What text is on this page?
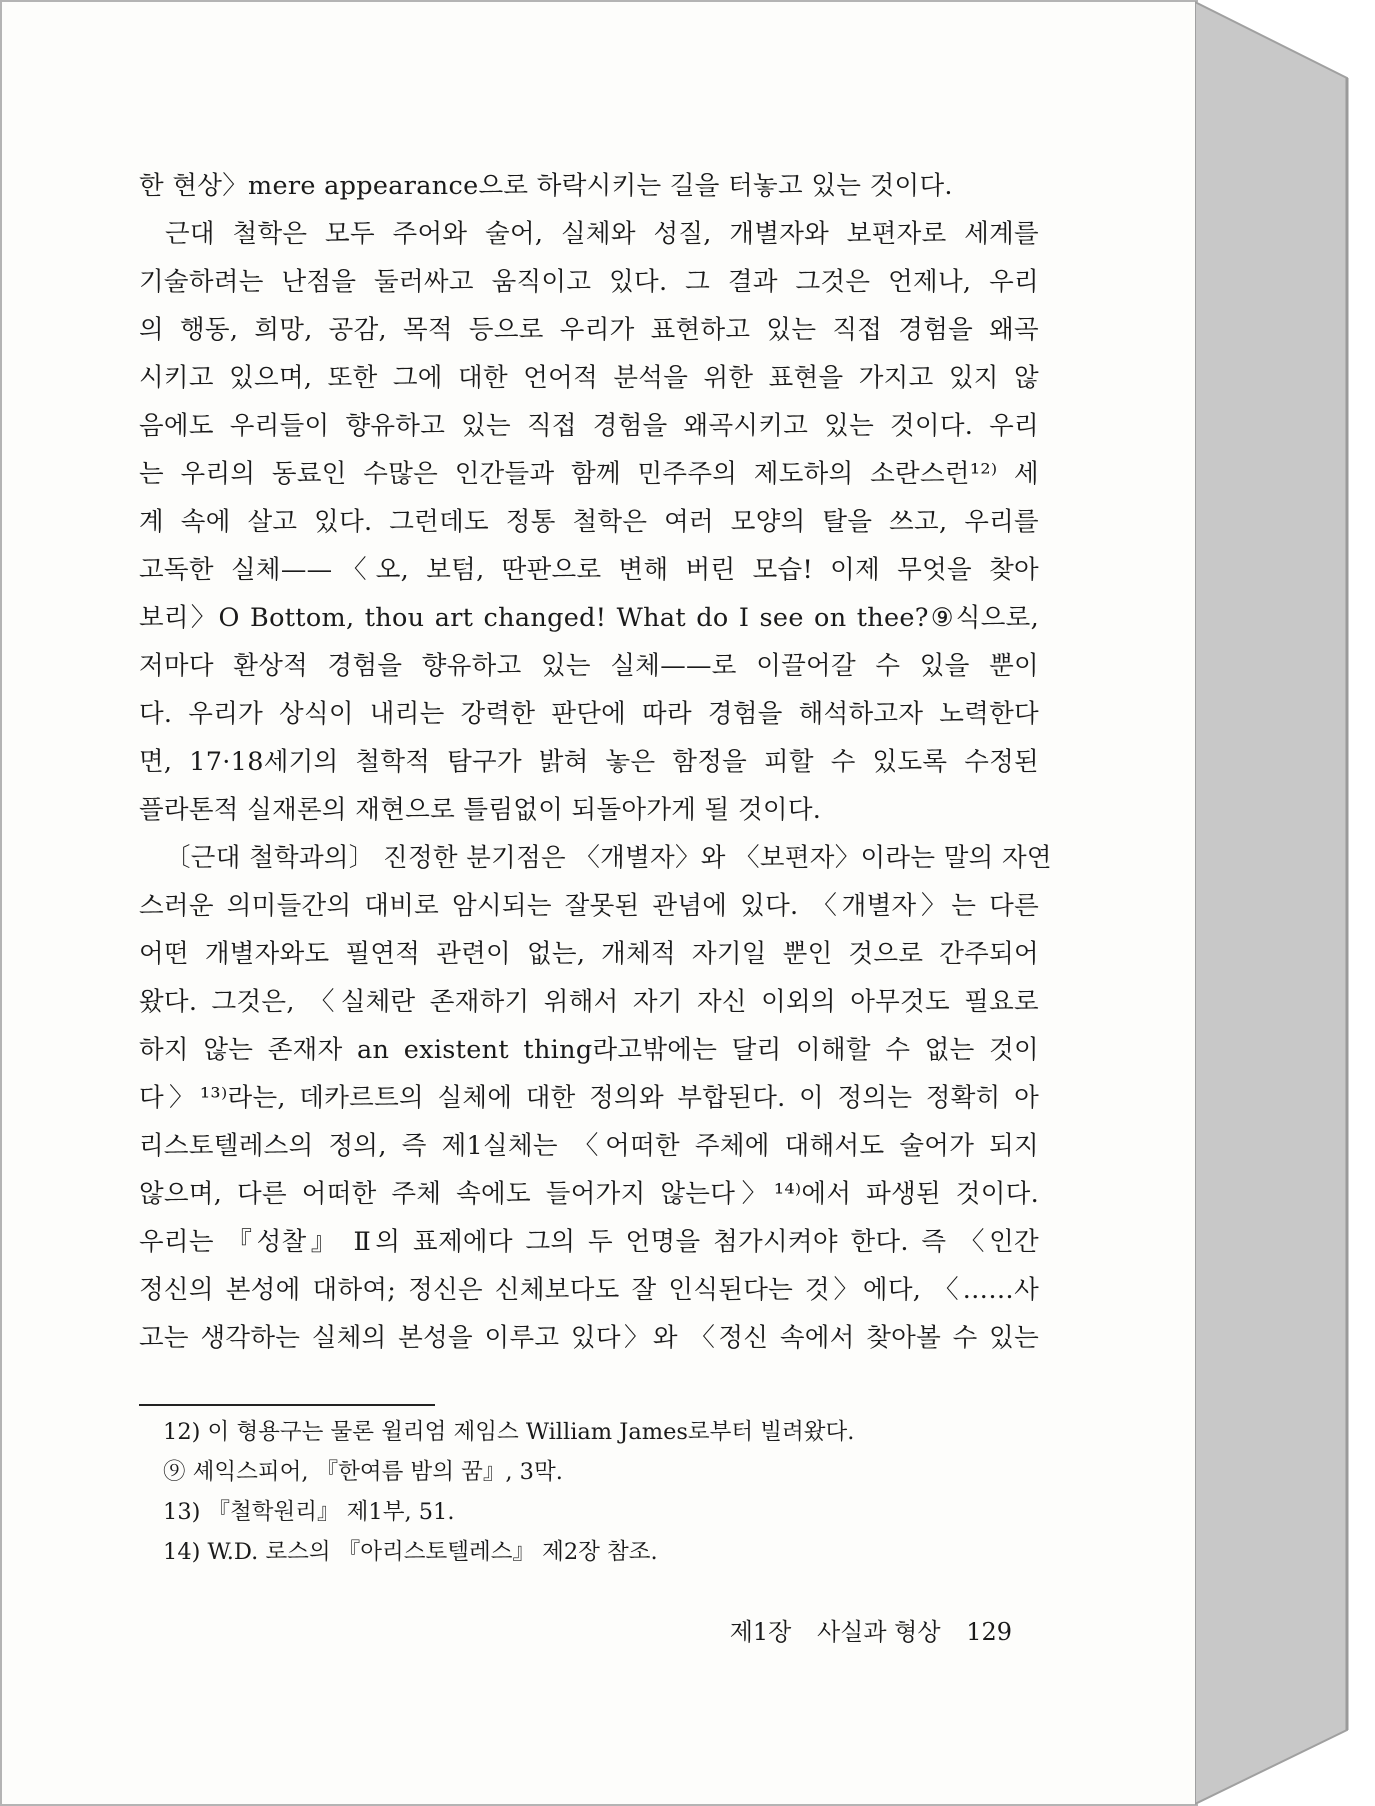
한 현상〉mere appearance으로 하락시키는 길을 터놓고 있는 것이다.
근대 철학은 모두 주어와 술어, 실체와 성질, 개별자와 보편자로 세계를
기술하려는 난점을 둘러싸고 움직이고 있다. 그 결과 그것은 언제나, 우리
의 행동, 희망, 공감, 목적 등으로 우리가 표현하고 있는 직접 경험을 왜곡
시키고 있으며, 또한 그에 대한 언어적 분석을 위한 표현을 가지고 있지 않
음에도 우리들이 향유하고 있는 직접 경험을 왜곡시키고 있는 것이다. 우리
는 우리의 동료인 수많은 인간들과 함께 민주주의 제도하의 소란스런¹²⁾ 세
계 속에 살고 있다. 그런데도 정통 철학은 여러 모양의 탈을 쓰고, 우리를
고독한 실체——〈오, 보텀, 딴판으로 변해 버린 모습! 이제 무엇을 찾아
보리〉O Bottom, thou art changed! What do I see on thee?⑨식으로,
저마다 환상적 경험을 향유하고 있는 실체——로 이끌어갈 수 있을 뿐이
다. 우리가 상식이 내리는 강력한 판단에 따라 경험을 해석하고자 노력한다
면, 17·18세기의 철학적 탐구가 밝혀 놓은 함정을 피할 수 있도록 수정된
플라톤적 실재론의 재현으로 틀림없이 되돌아가게 될 것이다.
〔근대 철학과의〕 진정한 분기점은 〈개별자〉와 〈보편자〉이라는 말의 자연
스러운 의미들간의 대비로 암시되는 잘못된 관념에 있다. 〈개별자〉는 다른
어떤 개별자와도 필연적 관련이 없는, 개체적 자기일 뿐인 것으로 간주되어
왔다. 그것은, 〈실체란 존재하기 위해서 자기 자신 이외의 아무것도 필요로
하지 않는 존재자 an existent thing라고밖에는 달리 이해할 수 없는 것이
다〉¹³⁾라는, 데카르트의 실체에 대한 정의와 부합된다. 이 정의는 정확히 아
리스토텔레스의 정의, 즉 제1실체는 〈어떠한 주체에 대해서도 술어가 되지
않으며, 다른 어떠한 주체 속에도 들어가지 않는다〉¹⁴⁾에서 파생된 것이다.
우리는 『성찰』 Ⅱ의 표제에다 그의 두 언명을 첨가시켜야 한다. 즉 〈인간
정신의 본성에 대하여; 정신은 신체보다도 잘 인식된다는 것〉에다, 〈……사
고는 생각하는 실체의 본성을 이루고 있다〉와 〈정신 속에서 찾아볼 수 있는
12) 이 형용구는 물론 윌리엄 제임스 William James로부터 빌려왔다.
⑨ 셰익스피어, 『한여름 밤의 꿈』, 3막.
13) 『철학원리』 제1부, 51.
14) W.D. 로스의 『아리스토텔레스』 제2장 참조.
제1장 사실과 형상 129
